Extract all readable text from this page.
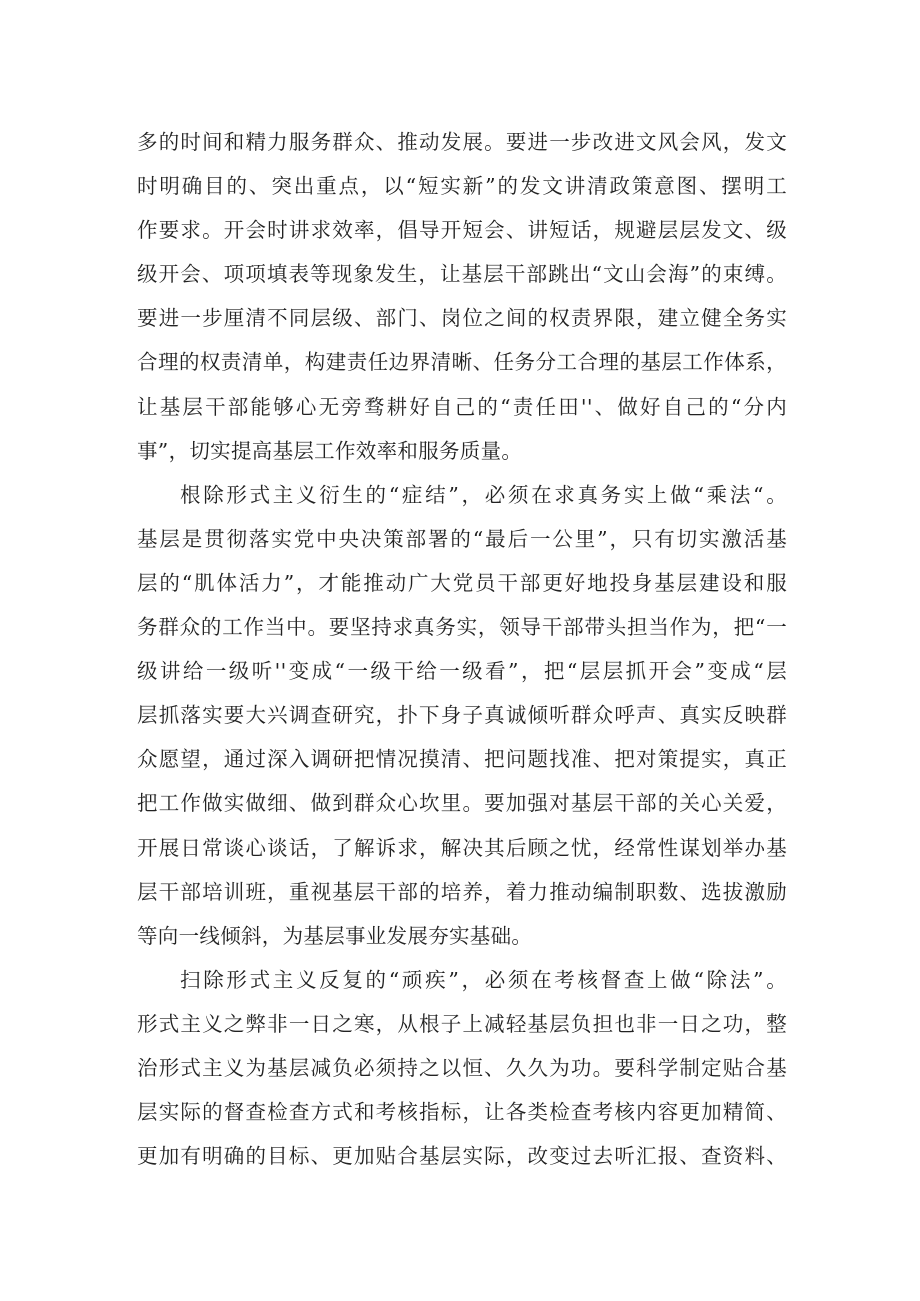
多的时间和精力服务群众、推动发展。要进一步改进文风会风，发文
时明确目的、突出重点，以“短实新”的发文讲清政策意图、摆明工
作要求。开会时讲求效率，倡导开短会、讲短话，规避层层发文、级
级开会、项项填表等现象发生，让基层干部跳出“文山会海”的束缚。
要进一步厘清不同层级、部门、岗位之间的权责界限，建立健全务实
合理的权责清单，构建责任边界清晰、任务分工合理的基层工作体系，
让基层干部能够心无旁骛耕好自己的“责任田''、做好自己的“分内
事”，切实提高基层工作效率和服务质量。

根除形式主义衍生的“症结”，必须在求真务实上做“乘法“。
基层是贯彻落实党中央决策部署的“最后一公里”，只有切实激活基
层的“肌体活力”，才能推动广大党员干部更好地投身基层建设和服
务群众的工作当中。要坚持求真务实，领导干部带头担当作为，把“一
级讲给一级听''变成“一级干给一级看”，把“层层抓开会”变成“层
层抓落实要大兴调查研究，扑下身子真诚倾听群众呼声、真实反映群
众愿望，通过深入调研把情况摸清、把问题找准、把对策提实，真正
把工作做实做细、做到群众心坎里。要加强对基层干部的关心关爱，
开展日常谈心谈话，了解诉求，解决其后顾之忧，经常性谋划举办基
层干部培训班，重视基层干部的培养，着力推动编制职数、选拔激励
等向一线倾斜，为基层事业发展夯实基础。

扫除形式主义反复的“顽疾”，必须在考核督查上做“除法”。
形式主义之弊非一日之寒，从根子上减轻基层负担也非一日之功，整
治形式主义为基层减负必须持之以恒、久久为功。要科学制定贴合基
层实际的督查检查方式和考核指标，让各类检查考核内容更加精简、
更加有明确的目标、更加贴合基层实际，改变过去听汇报、查资料、
